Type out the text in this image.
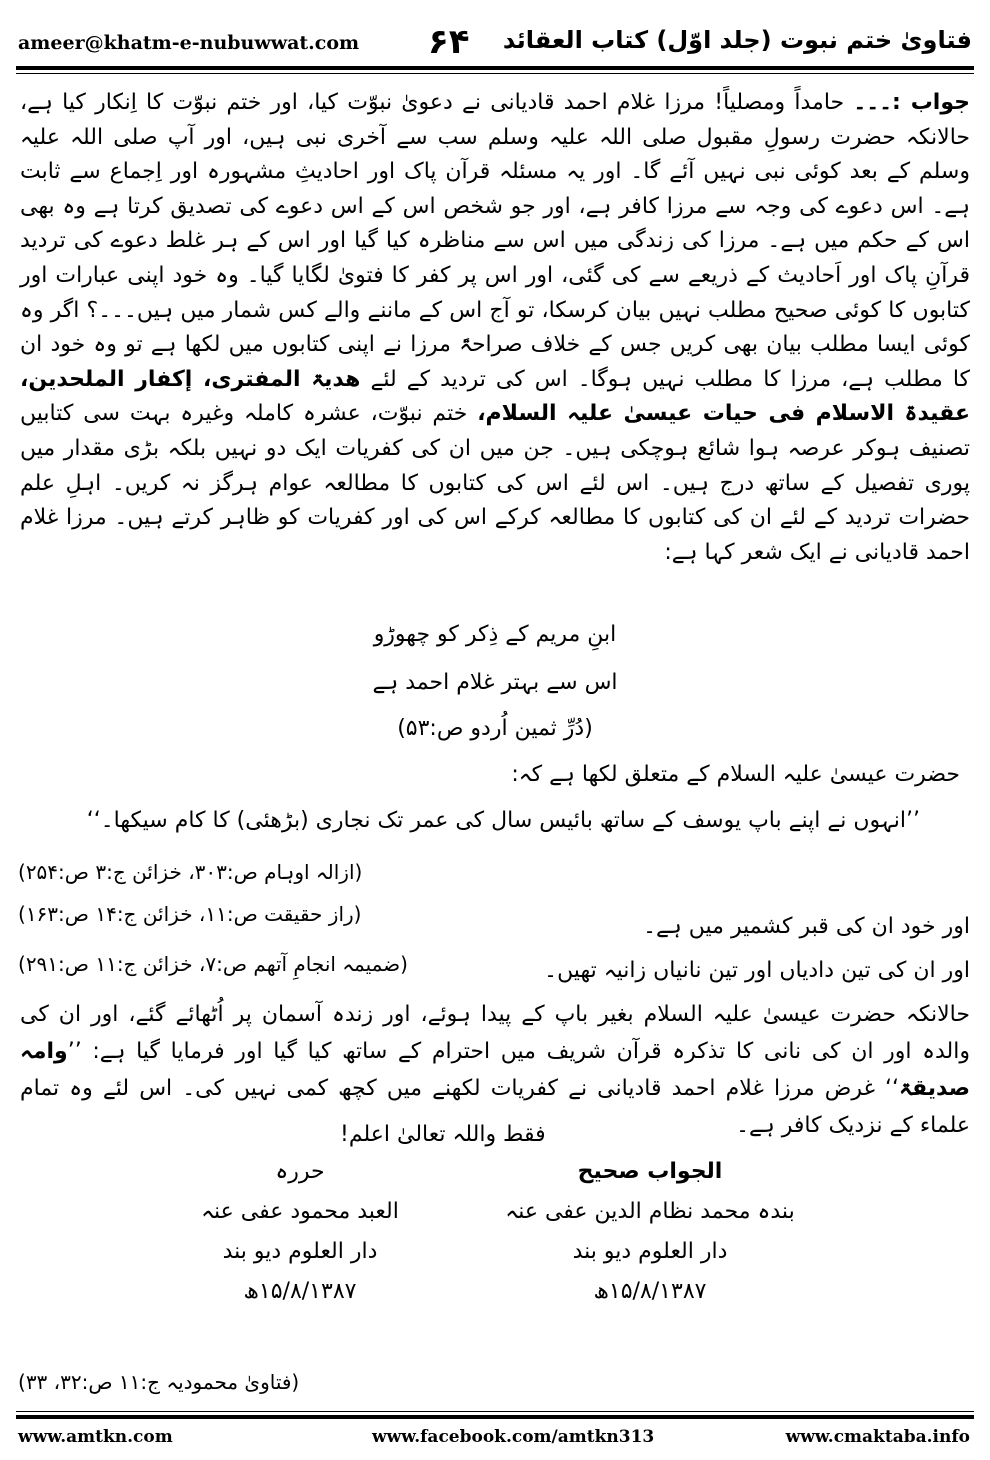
ameer@khatm-e-nubuwwat.com ۶۴ فتاویٰ ختم نبوت (جلد اوّل) کتاب العقائد
جواب :۔۔۔ حامداً ومصلیاً! مرزا غلام احمد قادیانی نے دعویٰ نبوّت کیا، اور ختم نبوّت کا اِنکار کیا ہے، حالانکہ حضرت رسولِ مقبول صلی اللہ علیہ وسلم سب سے آخری نبی ہیں، اور آپ صلی اللہ علیہ وسلم کے بعد کوئی نبی نہیں آئے گا۔ اور یہ مسئلہ قرآن پاک اور احادیثِ مشہورہ اور اِجماع سے ثابت ہے۔ اس دعوے کی وجہ سے مرزا کافر ہے، اور جو شخص اس کے اس دعوے کی تصدیق کرتا ہے وہ بھی اس کے حکم میں ہے۔ مرزا کی زندگی میں اس سے مناظرہ کیا گیا اور اس کے ہر غلط دعوے کی تردید قرآنِ پاک اور اَحادیث کے ذریعے سے کی گئی، اور اس پر کفر کا فتویٰ لگایا گیا۔ وہ خود اپنی عبارات اور کتابوں کا کوئی صحیح مطلب نہیں بیان کرسکا، تو آج اس کے ماننے والے کس شمار میں ہیں۔۔۔؟ اگر وہ کوئی ایسا مطلب بیان بھی کریں جس کے خلاف صراحۃً مرزا نے اپنی کتابوں میں لکھا ہے تو وہ خود ان کا مطلب ہے، مرزا کا مطلب نہیں ہوگا۔ اس کی تردید کے لئے ھدیۃ المفتری، إکفار الملحدین، عقیدۃ الاسلام فی حیات عیسیٰ علیہ السلام، ختم نبوّت، عشرہ کاملہ وغیرہ بہت سی کتابیں تصنیف ہوکر عرصہ ہوا شائع ہوچکی ہیں۔ جن میں ان کی کفریات ایک دو نہیں بلکہ بڑی مقدار میں پوری تفصیل کے ساتھ درج ہیں۔ اس لئے اس کی کتابوں کا مطالعہ عوام ہرگز نہ کریں۔ اہلِ علم حضرات تردید کے لئے ان کی کتابوں کا مطالعہ کرکے اس کی اور کفریات کو ظاہر کرتے ہیں۔ مرزا غلام احمد قادیانی نے ایک شعر کہا ہے:
ابنِ مریم کے ذِکر کو چھوڑو
اس سے بہتر غلام احمد ہے
(دُرِّ ثمین اُردو ص:۵۳)
حضرت عیسیٰ علیہ السلام کے متعلق لکھا ہے کہ:
’’انہوں نے اپنے باپ یوسف کے ساتھ بائیس سال کی عمر تک نجاری (بڑھئی) کا کام سیکھا۔‘‘
(ازالہ اوہام ص:۳۰۳، خزائن ج:۳ ص:۲۵۴)
اور خود ان کی قبر کشمیر میں ہے۔
(راز حقیقت ص:۱۱، خزائن ج:۱۴ ص:۱۶۳)
اور ان کی تین دادیاں اور تین نانیاں زانیہ تھیں۔
(ضمیمہ انجامِ آتھم ص:۷، خزائن ج:۱۱ ص:۲۹۱)
حالانکہ حضرت عیسیٰ علیہ السلام بغیر باپ کے پیدا ہوئے، اور زندہ آسمان پر اُٹھائے گئے، اور ان کی والدہ اور ان کی نانی کا تذکرہ قرآن شریف میں احترام کے ساتھ کیا گیا اور فرمایا گیا ہے: ’’وامہ صدیقۃ‘‘ غرض مرزا غلام احمد قادیانی نے کفریات لکھنے میں کچھ کمی نہیں کی۔ اس لئے وہ تمام علماء کے نزدیک کافر ہے۔
فقط واللہ تعالیٰ اعلم!
الجواب صحیح
بندہ محمد نظام الدین عفی عنہ
دار العلوم دیو بند
۱۵/۸/۱۳۸۷ھ
حررہ
العبد محمود عفی عنہ
دار العلوم دیو بند
۱۵/۸/۱۳۸۷ھ
(فتاویٰ محمودیہ ج:۱۱ ص:۳۲، ۳۳)
www.amtkn.com	www.facebook.com/amtkn313	www.cmaktaba.info
